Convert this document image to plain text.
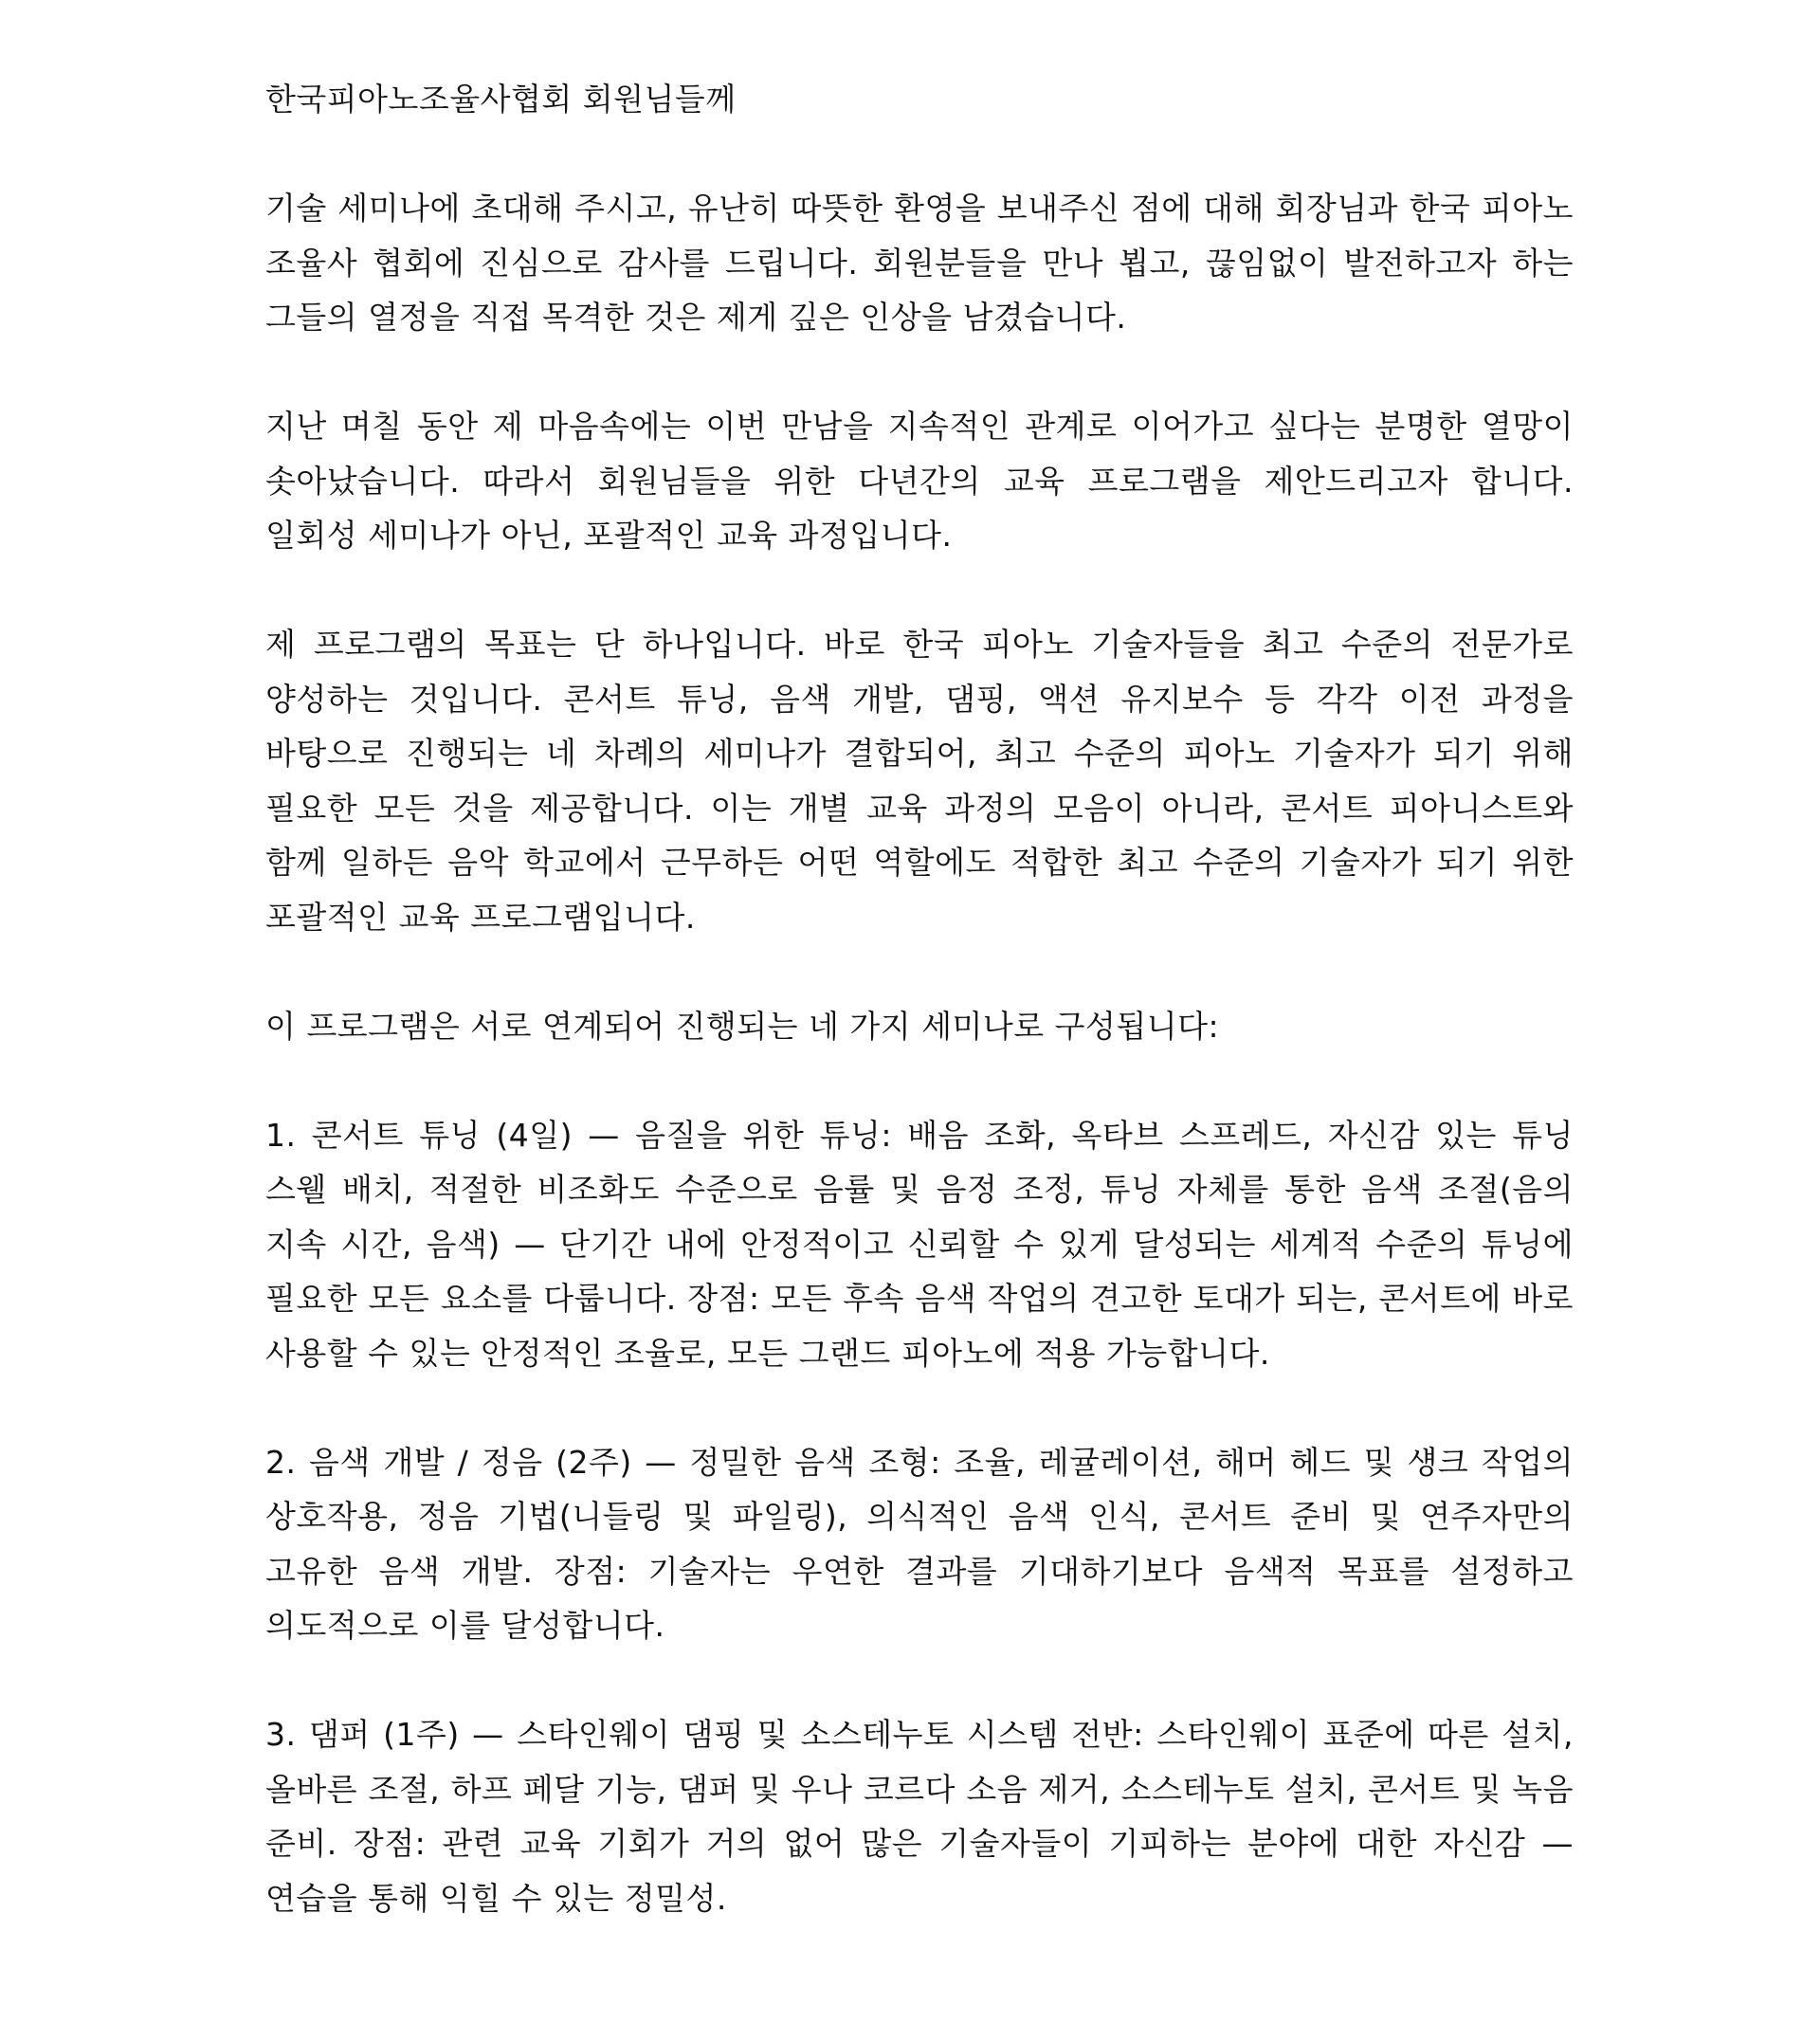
한국피아노조율사협회 회원님들께

기술 세미나에 초대해 주시고, 유난히 따뜻한 환영을 보내주신 점에 대해 회장님과 한국 피아노 조율사 협회에 진심으로 감사를 드립니다. 회원분들을 만나 뵙고, 끊임없이 발전하고자 하는 그들의 열정을 직접 목격한 것은 제게 깊은 인상을 남겼습니다.

지난 며칠 동안 제 마음속에는 이번 만남을 지속적인 관계로 이어가고 싶다는 분명한 열망이 솟아났습니다. 따라서 회원님들을 위한 다년간의 교육 프로그램을 제안드리고자 합니다. 일회성 세미나가 아닌, 포괄적인 교육 과정입니다.

제 프로그램의 목표는 단 하나입니다. 바로 한국 피아노 기술자들을 최고 수준의 전문가로 양성하는 것입니다. 콘서트 튜닝, 음색 개발, 댐핑, 액션 유지보수 등 각각 이전 과정을 바탕으로 진행되는 네 차례의 세미나가 결합되어, 최고 수준의 피아노 기술자가 되기 위해 필요한 모든 것을 제공합니다. 이는 개별 교육 과정의 모음이 아니라, 콘서트 피아니스트와 함께 일하든 음악 학교에서 근무하든 어떤 역할에도 적합한 최고 수준의 기술자가 되기 위한 포괄적인 교육 프로그램입니다.

이 프로그램은 서로 연계되어 진행되는 네 가지 세미나로 구성됩니다:

1. 콘서트 튜닝 (4일) — 음질을 위한 튜닝: 배음 조화, 옥타브 스프레드, 자신감 있는 튜닝 스웰 배치, 적절한 비조화도 수준으로 음률 및 음정 조정, 튜닝 자체를 통한 음색 조절(음의 지속 시간, 음색) — 단기간 내에 안정적이고 신뢰할 수 있게 달성되는 세계적 수준의 튜닝에 필요한 모든 요소를 다룹니다. 장점: 모든 후속 음색 작업의 견고한 토대가 되는, 콘서트에 바로 사용할 수 있는 안정적인 조율로, 모든 그랜드 피아노에 적용 가능합니다.

2. 음색 개발 / 정음 (2주) — 정밀한 음색 조형: 조율, 레귤레이션, 해머 헤드 및 섕크 작업의 상호작용, 정음 기법(니들링 및 파일링), 의식적인 음색 인식, 콘서트 준비 및 연주자만의 고유한 음색 개발. 장점: 기술자는 우연한 결과를 기대하기보다 음색적 목표를 설정하고 의도적으로 이를 달성합니다.

3. 댐퍼 (1주) — 스타인웨이 댐핑 및 소스테누토 시스템 전반: 스타인웨이 표준에 따른 설치, 올바른 조절, 하프 페달 기능, 댐퍼 및 우나 코르다 소음 제거, 소스테누토 설치, 콘서트 및 녹음 준비. 장점: 관련 교육 기회가 거의 없어 많은 기술자들이 기피하는 분야에 대한 자신감 — 연습을 통해 익힐 수 있는 정밀성.
